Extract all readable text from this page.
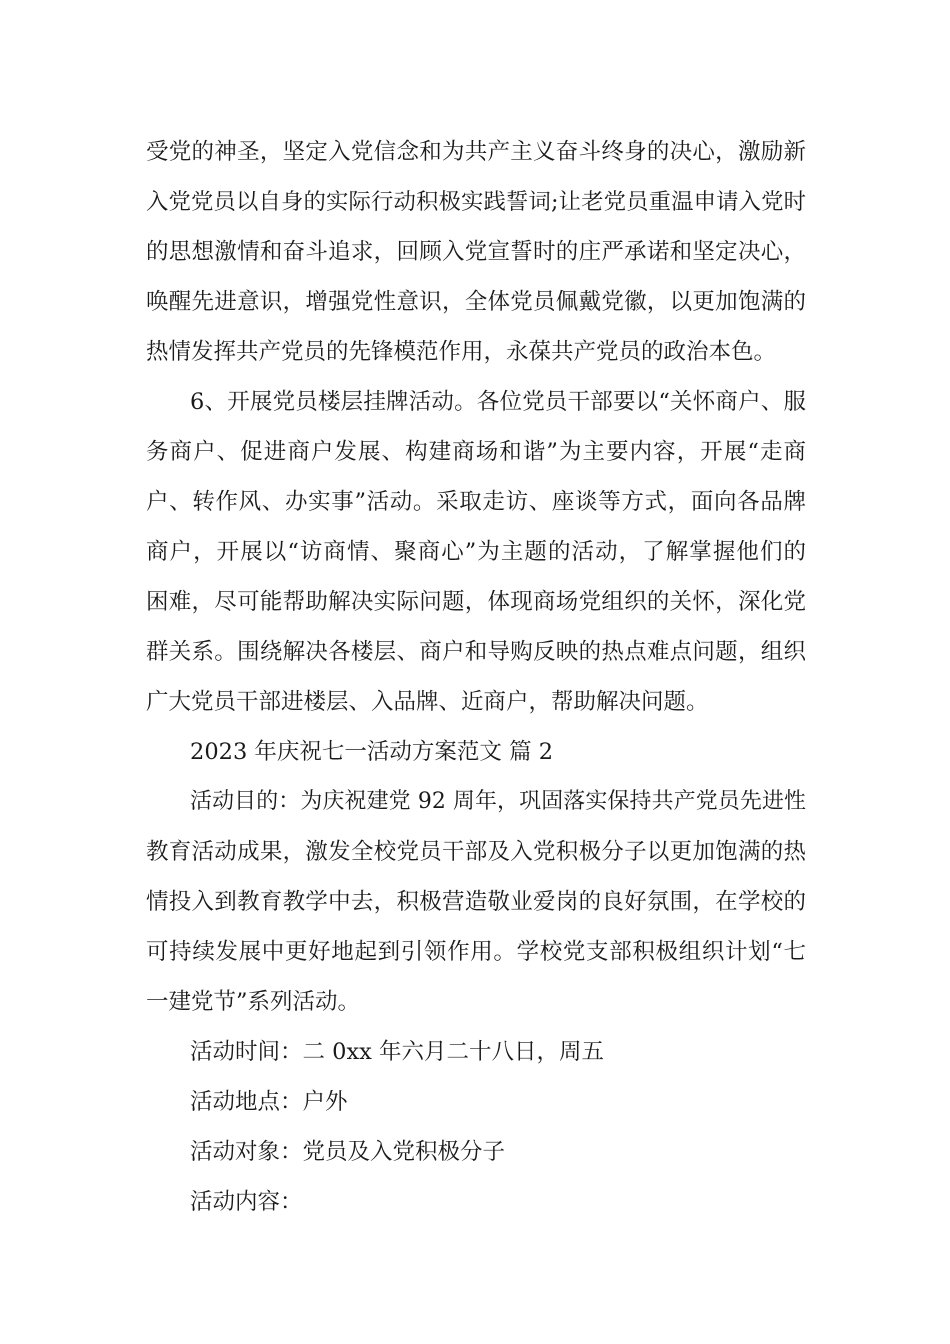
受党的神圣，坚定入党信念和为共产主义奋斗终身的决心，激励新
入党党员以自身的实际行动积极实践誓词;让老党员重温申请入党时
的思想激情和奋斗追求，回顾入党宣誓时的庄严承诺和坚定决心，
唤醒先进意识，增强党性意识，全体党员佩戴党徽，以更加饱满的
热情发挥共产党员的先锋模范作用，永葆共产党员的政治本色。
6、开展党员楼层挂牌活动。各位党员干部要以“关怀商户、服
务商户、促进商户发展、构建商场和谐”为主要内容，开展“走商
户、转作风、办实事”活动。采取走访、座谈等方式，面向各品牌
商户，开展以“访商情、聚商心”为主题的活动，了解掌握他们的
困难，尽可能帮助解决实际问题，体现商场党组织的关怀，深化党
群关系。围绕解决各楼层、商户和导购反映的热点难点问题，组织
广大党员干部进楼层、入品牌、近商户，帮助解决问题。
2023 年庆祝七一活动方案范文 篇 2
活动目的：为庆祝建党 92 周年，巩固落实保持共产党员先进性
教育活动成果，激发全校党员干部及入党积极分子以更加饱满的热
情投入到教育教学中去，积极营造敬业爱岗的良好氛围，在学校的
可持续发展中更好地起到引领作用。学校党支部积极组织计划“七
一建党节”系列活动。
活动时间：二 0xx 年六月二十八日，周五
活动地点：户外
活动对象：党员及入党积极分子
活动内容：
